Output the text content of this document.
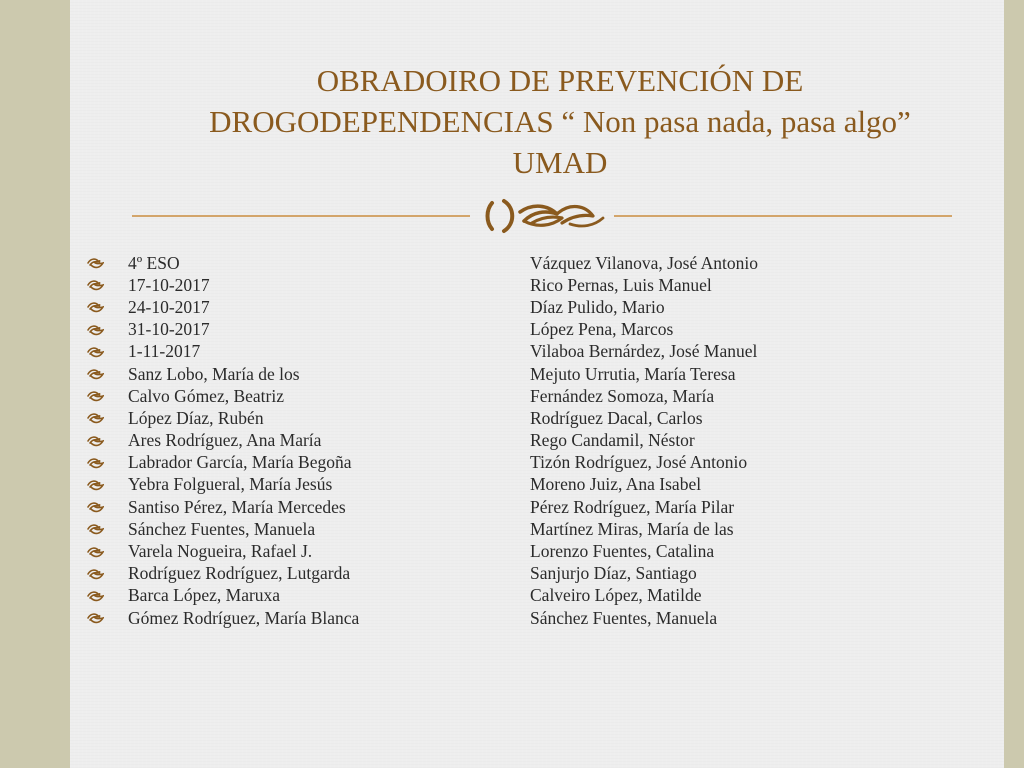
OBRADOIRO DE PREVENCIÓN DE
DROGODEPENDENCIAS “ Non pasa nada, pasa algo”
UMAD
4º ESO	Vázquez Vilanova, José Antonio
17-10-2017	Rico Pernas, Luis Manuel
24-10-2017	Díaz Pulido, Mario
31-10-2017	López Pena, Marcos
1-11-2017	Vilaboa Bernárdez, José Manuel
Sanz Lobo, María de los	Mejuto Urrutia, María Teresa
Calvo Gómez, Beatriz	Fernández Somoza, María
López Díaz, Rubén	Rodríguez Dacal, Carlos
Ares Rodríguez, Ana María	Rego Candamil, Néstor
Labrador García, María Begoña	Tizón Rodríguez, José Antonio
Yebra Folgueral, María Jesús	Moreno Juiz, Ana Isabel
Santiso Pérez, María Mercedes	Pérez Rodríguez, María Pilar
Sánchez Fuentes, Manuela	Martínez Miras, María de las
Varela Nogueira, Rafael J.	Lorenzo Fuentes, Catalina
Rodríguez Rodríguez, Lutgarda	Sanjurjo Díaz, Santiago
Barca López, Maruxa	Calveiro López, Matilde
Gómez Rodríguez, María Blanca	Sánchez Fuentes, Manuela
